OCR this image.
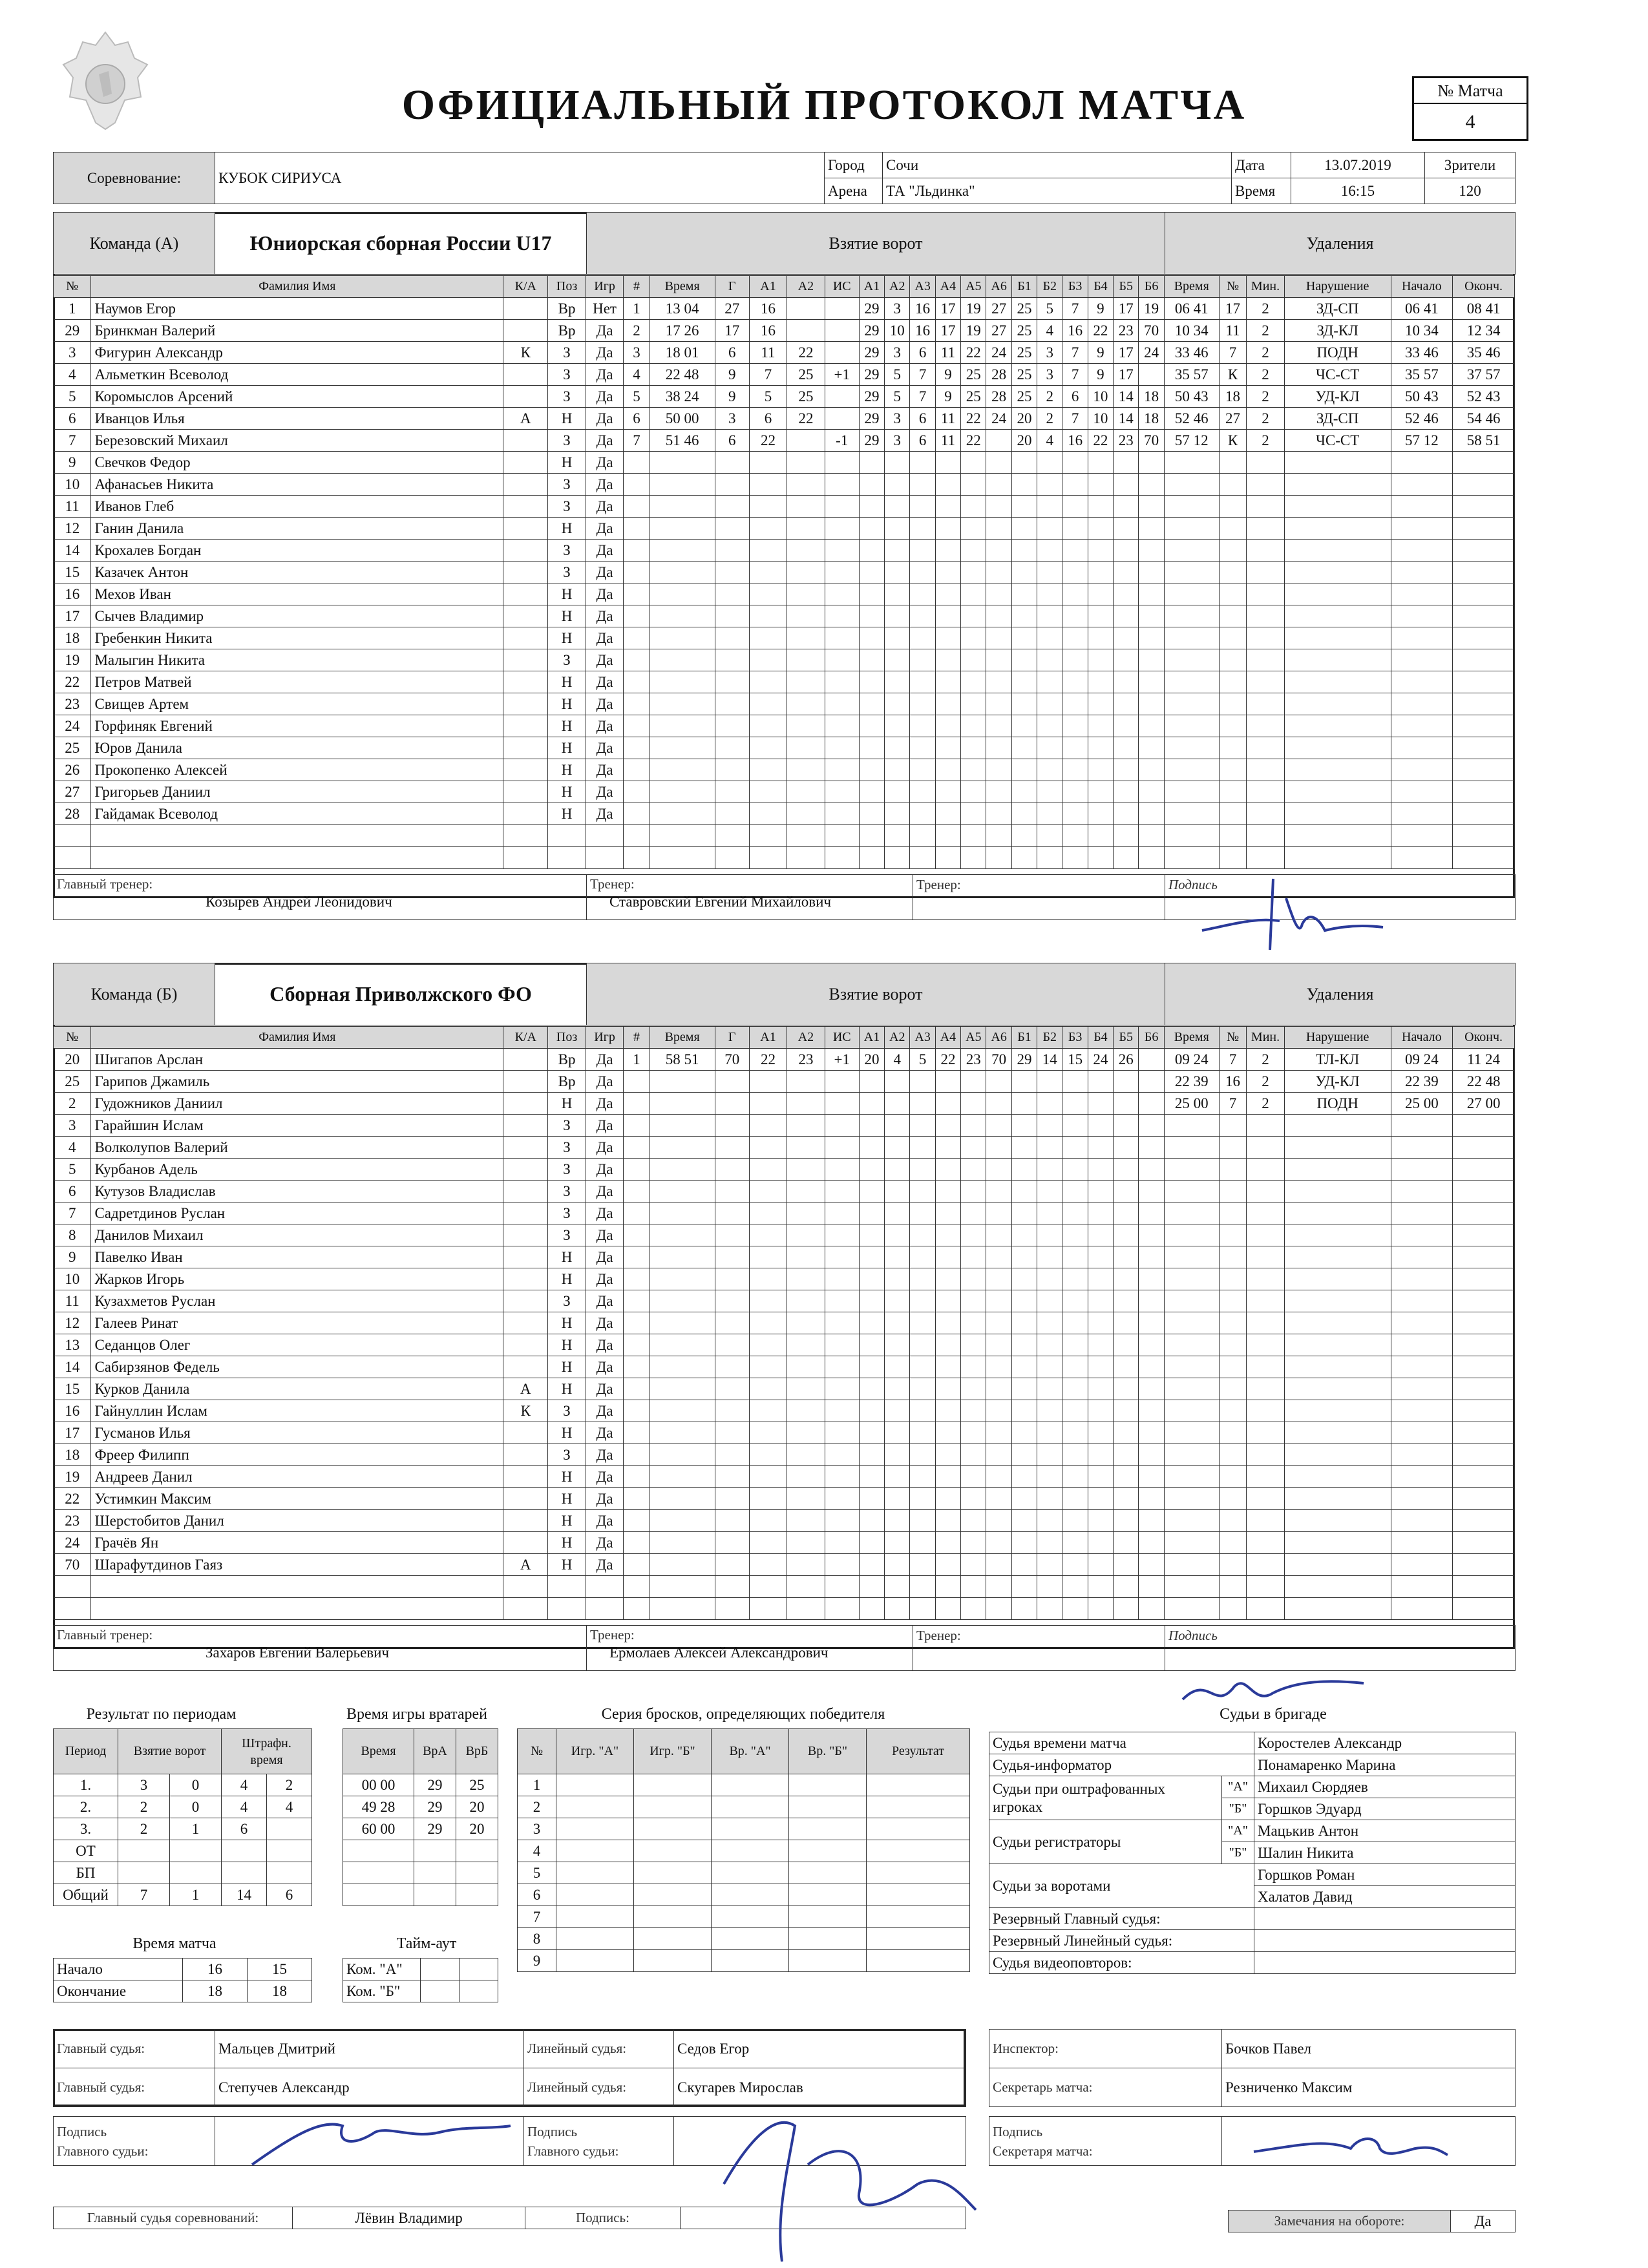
ОФИЦИАЛЬНЫЙ ПРОТОКОЛ МАТЧА	№ Матча
4
Соревнование:	КУБОК СИРИУСА	Город	Сочи	Дата	13.07.2019	Зрители
		Арена	ТА "Льдинка"	Время	16:15	120
Команда (А)	Юниорская сборная России U17	Взятие ворот	Удаления
№	Фамилия Имя	К/А	Поз	Игр	#	Время	Г	А1	А2	ИС	А1	А2	А3	А4	А5	А6	Б1	Б2	Б3	Б4	Б5	Б6	Время	№	Мин.	Нарушение	Начало	Оконч.
1	Наумов Егор		Вр	Нет	1	13 04	27	16			29	3	16	17	19	27	25	5	7	9	17	19	06 41	17	2	ЗД-СП	06 41	08 41
29	Бринкман Валерий		Вр	Да	2	17 26	17	16			29	10	16	17	19	27	25	4	16	22	23	70	10 34	11	2	ЗД-КЛ	10 34	12 34
3	Фигурин Александр	К	З	Да	3	18 01	6	11	22		29	3	6	11	22	24	25	3	7	9	17	24	33 46	7	2	ПОДН	33 46	35 46
4	Альметкин Всеволод		З	Да	4	22 48	9	7	25	+1	29	5	7	9	25	28	25	3	7	9	17		35 57	К	2	ЧС-СТ	35 57	37 57
5	Коромыслов Арсений		З	Да	5	38 24	9	5	25		29	5	7	9	25	28	25	2	6	10	14	18	50 43	18	2	УД-КЛ	50 43	52 43
6	Иванцов Илья	А	Н	Да	6	50 00	3	6	22		29	3	6	11	22	24	20	2	7	10	14	18	52 46	27	2	ЗД-СП	52 46	54 46
7	Березовский Михаил		З	Да	7	51 46	6	22		-1	29	3	6	11	22		20	4	16	22	23	70	57 12	К	2	ЧС-СТ	57 12	58 51
9	Свечков Федор		Н	Да																								
10	Афанасьев Никита		З	Да																								
11	Иванов Глеб		З	Да																								
12	Ганин Данила		Н	Да																								
14	Крохалев Богдан		З	Да																								
15	Казачек Антон		З	Да																								
16	Мехов Иван		Н	Да																								
17	Сычев Владимир		Н	Да																								
18	Гребенкин Никита		Н	Да																								
19	Малыгин Никита		З	Да																								
22	Петров Матвей		Н	Да																								
23	Свищев Артем		Н	Да																								
24	Горфиняк Евгений		Н	Да																								
25	Юров Данила		Н	Да																								
26	Прокопенко Алексей		Н	Да																								
27	Григорьев Даниил		Н	Да																								
28	Гайдамак Всеволод		Н	Да																								

Главный тренер:
Козырев Андрей Леонидович	Тренер:
Ставровский Евгений Михайлович	Тренер:	Подпись
Команда (Б)	Сборная Приволжского ФО	Взятие ворот	Удаления
№	Фамилия Имя	К/А	Поз	Игр	#	Время	Г	А1	А2	ИС	А1	А2	А3	А4	А5	А6	Б1	Б2	Б3	Б4	Б5	Б6	Время	№	Мин.	Нарушение	Начало	Оконч.
20	Шигапов Арслан		Вр	Да	1	58 51	70	22	23	+1	20	4	5	22	23	70	29	14	15	24	26		09 24	7	2	ТЛ-КЛ	09 24	11 24
25	Гарипов Джамиль		Вр	Да																			22 39	16	2	УД-КЛ	22 39	22 48
2	Гудожников Даниил		Н	Да																			25 00	7	2	ПОДН	25 00	27 00
3	Гарайшин Ислам		З	Да																								
4	Волколупов Валерий		З	Да																								
5	Курбанов Адель		З	Да																								
6	Кутузов Владислав		З	Да																								
7	Садретдинов Руслан		З	Да																								
8	Данилов Михаил		З	Да																								
9	Павелко Иван		Н	Да																								
10	Жарков Игорь		Н	Да																								
11	Кузахметов Руслан		З	Да																								
12	Галеев Ринат		Н	Да																								
13	Седанцов Олег		Н	Да																								
14	Сабирзянов Федель		Н	Да																								
15	Курков Данила	А	Н	Да																								
16	Гайнуллин Ислам	К	З	Да																								
17	Гусманов Илья		Н	Да																								
18	Фреер Филипп		З	Да																								
19	Андреев Данил		Н	Да																								
22	Устимкин Максим		Н	Да																								
23	Шерстобитов Данил		Н	Да																								
24	Грачёв Ян		Н	Да																								
70	Шарафутдинов Гаяз	А	Н	Да																								

Главный тренер:
Захаров Евгений Валерьевич	Тренер:
Ермолаев Алексей Александрович	Тренер:	Подпись
Результат по периодам
Период	Взятие ворот		Штрафн. время	
1.	3	0	4	2
2.	2	0	4	4
3.	2	1	6	
ОТ				
БП				
Общий	7	1	14	6
Время игры вратарей
Время	ВрА	ВрБ
00 00	29	25
49 28	29	20
60 00	29	20

Время матча
Начало	16	15
Окончание	18	18
Тайм-аут
Ком. "А"		
Ком. "Б"		
Серия бросков, определяющих победителя
№	Игр. "А"	Игр. "Б"	Вр. "А"	Вр. "Б"	Результат
1					
2					
3					
4					
5					
6					
7					
8					
9					
Судьи в бригаде
Судья времени матча		Коростелев Александр
Судья-информатор		Понамаренко Марина
Судьи при оштрафованных игроках	"А"	Михаил Сюрдяев
	"Б"	Горшков Эдуард
Судьи регистраторы	"А"	Мацькив Антон
	"Б"	Шалин Никита
Судьи за воротами		Горшков Роман
		Халатов Давид
Резервный Главный судья:		
Резервный Линейный судья:		
Судья видеоповторов:		
Главный судья:	Мальцев Дмитрий	Линейный судья:	Седов Егор
Главный судья:	Степучев Александр	Линейный судья:	Скугарев Мирослав
Инспектор:	Бочков Павел
Секретарь матча:	Резниченко Максим
Подпись
Главного судьи:		Подпись
Главного судьи:	
Подпись
Секретаря матча:	
Главный судья соревнований:	Лёвин Владимир	Подпись:		Замечания на обороте:	Да
